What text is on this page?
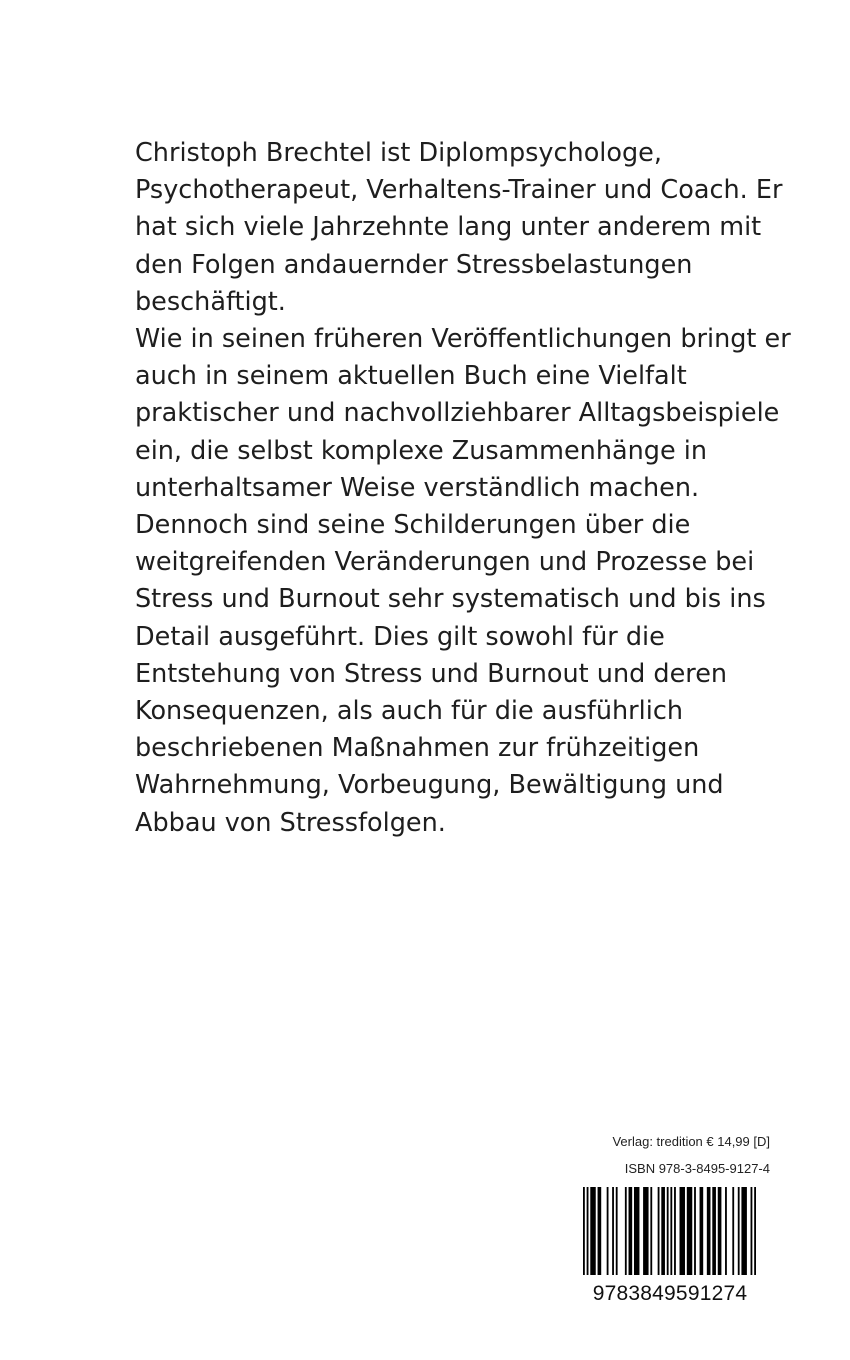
Christoph Brechtel ist Diplompsychologe,

Psychotherapeut, Verhaltens-Trainer und Coach. Er

hat sich viele Jahrzehnte lang unter anderem mit

den Folgen andauernder Stressbelastungen

beschäftigt.

Wie in seinen früheren Veröffentlichungen bringt er

auch in seinem aktuellen Buch eine Vielfalt

praktischer und nachvollziehbarer Alltagsbeispiele

ein, die selbst komplexe Zusammenhänge in

unterhaltsamer Weise verständlich machen.

Dennoch sind seine Schilderungen über die

weitgreifenden Veränderungen und Prozesse bei

Stress und Burnout sehr systematisch und bis ins

Detail ausgeführt. Dies gilt sowohl für die

Entstehung von Stress und Burnout und deren

Konsequenzen, als auch für die ausführlich

beschriebenen Maßnahmen zur frühzeitigen

Wahrnehmung, Vorbeugung, Bewältigung und

Abbau von Stressfolgen.

Verlag: tredition € 14,99 [D]
ISBN 978-3-8495-9127-4
9783849591274
